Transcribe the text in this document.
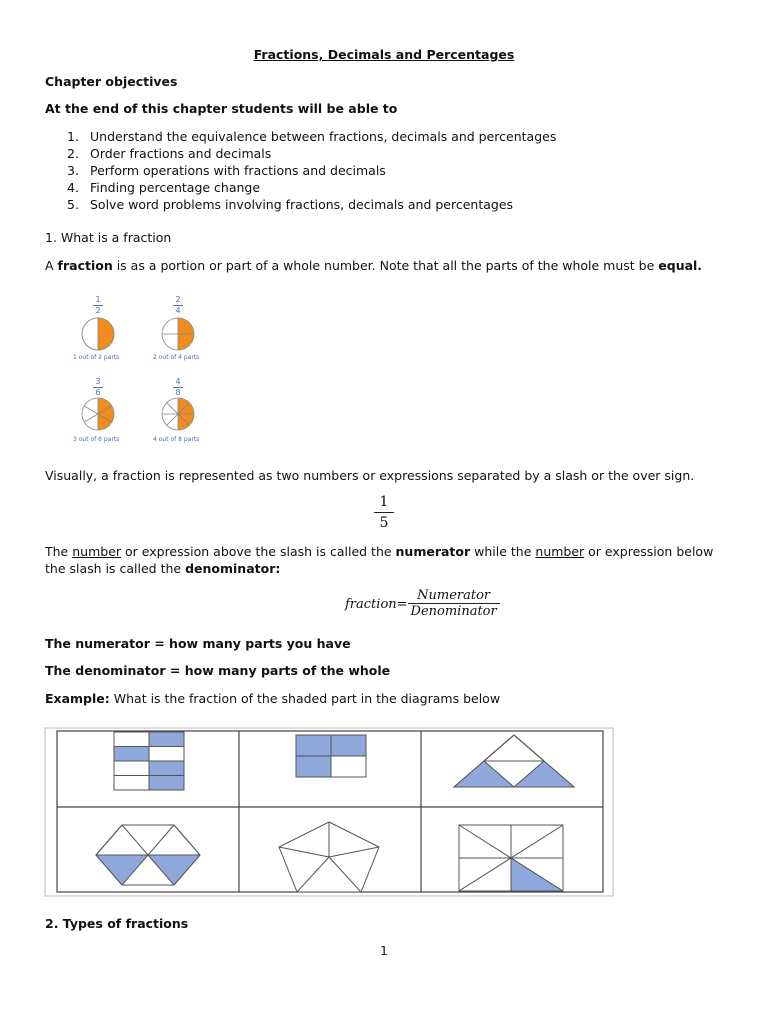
Fractions, Decimals and Percentages
Chapter objectives
At the end of this chapter students will be able to
1. Understand the equivalence between fractions, decimals and percentages
2. Order fractions and decimals
3. Perform operations with fractions and decimals
4. Finding percentage change
5. Solve word problems involving fractions, decimals and percentages
1. What is a fraction
A fraction is as a portion or part of a whole number. Note that all the parts of the whole must be equal.
1
2
2
4
3
6
4
8
1 out of 2 parts	2 out of 4 parts
3 out of 6 parts	4 out of 8 parts
Visually, a fraction is represented as two numbers or expressions separated by a slash or the over sign.
1
5
The number or expression above the slash is called the numerator while the number or expression below
the slash is called the denominator:
fraction=
Numerator
Denominator
The numerator = how many parts you have
The denominator = how many parts of the whole
Example: What is the fraction of the shaded part in the diagrams below
2. Types of fractions
1
